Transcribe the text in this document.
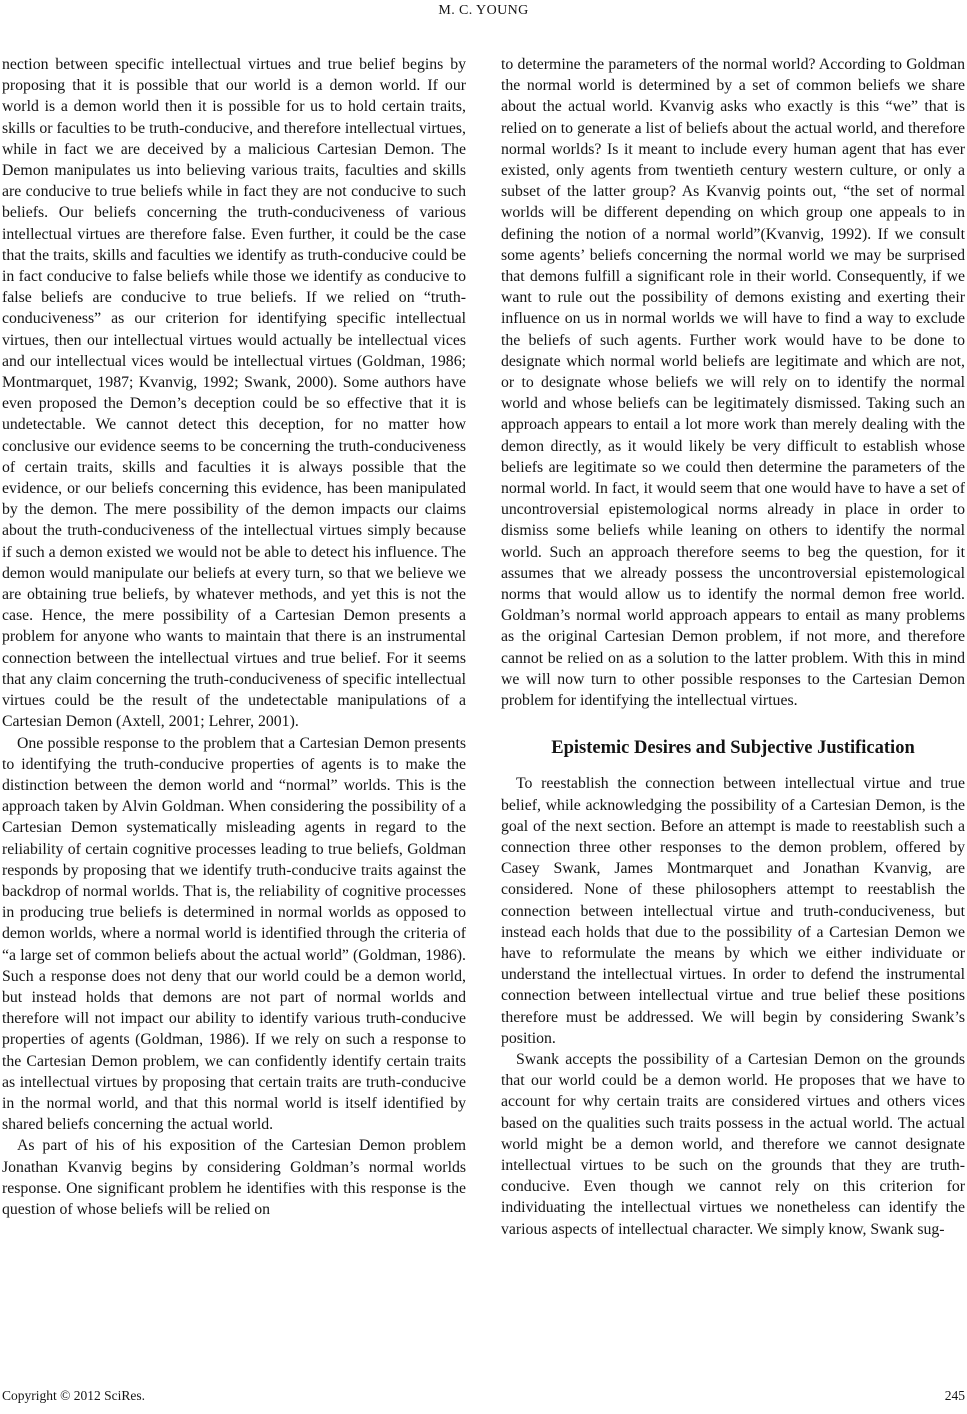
M. C. YOUNG

nection between specific intellectual virtues and true belief begins by proposing that it is possible that our world is a demon world. If our world is a demon world then it is possible for us to hold certain traits, skills or faculties to be truth-conducive, and therefore intellectual virtues, while in fact we are deceived by a malicious Cartesian Demon. The Demon manipulates us into believing various traits, faculties and skills are conducive to true beliefs while in fact they are not conducive to such beliefs. Our beliefs concerning the truth-conduciveness of various intellectual virtues are therefore false. Even further, it could be the case that the traits, skills and faculties we identify as truth-conducive could be in fact conducive to false beliefs while those we identify as conducive to false beliefs are conducive to true beliefs. If we relied on “truth-conduciveness” as our criterion for identifying specific intellectual virtues, then our intellectual virtues would actually be intellectual vices and our intellectual vices would be intellectual virtues (Goldman, 1986; Montmarquet, 1987; Kvanvig, 1992; Swank, 2000). Some authors have even proposed the Demon’s deception could be so effective that it is undetectable. We cannot detect this deception, for no matter how conclusive our evidence seems to be concerning the truth-conduciveness of certain traits, skills and faculties it is always possible that the evidence, or our beliefs concerning this evidence, has been manipulated by the demon. The mere possibility of the demon impacts our claims about the truth-conduciveness of the intellectual virtues simply because if such a demon existed we would not be able to detect his influence. The demon would manipulate our beliefs at every turn, so that we believe we are obtaining true beliefs, by whatever methods, and yet this is not the case. Hence, the mere possibility of a Cartesian Demon presents a problem for anyone who wants to maintain that there is an instrumental connection between the intellectual virtues and true belief. For it seems that any claim concerning the truth-conduciveness of specific intellectual virtues could be the result of the undetectable manipulations of a Cartesian Demon (Axtell, 2001; Lehrer, 2001).

One possible response to the problem that a Cartesian Demon presents to identifying the truth-conducive properties of agents is to make the distinction between the demon world and “normal” worlds. This is the approach taken by Alvin Goldman. When considering the possibility of a Cartesian Demon systematically misleading agents in regard to the reliability of certain cognitive processes leading to true beliefs, Goldman responds by proposing that we identify truth-conducive traits against the backdrop of normal worlds. That is, the reliability of cognitive processes in producing true beliefs is determined in normal worlds as opposed to demon worlds, where a normal world is identified through the criteria of “a large set of common beliefs about the actual world” (Goldman, 1986). Such a response does not deny that our world could be a demon world, but instead holds that demons are not part of normal worlds and therefore will not impact our ability to identify various truth-conducive properties of agents (Goldman, 1986). If we rely on such a response to the Cartesian Demon problem, we can confidently identify certain traits as intellectual virtues by proposing that certain traits are truth-conducive in the normal world, and that this normal world is itself identified by shared beliefs concerning the actual world.

As part of his of his exposition of the Cartesian Demon problem Jonathan Kvanvig begins by considering Goldman’s normal worlds response. One significant problem he identifies with this response is the question of whose beliefs will be relied on

to determine the parameters of the normal world? According to Goldman the normal world is determined by a set of common beliefs we share about the actual world. Kvanvig asks who exactly is this “we” that is relied on to generate a list of beliefs about the actual world, and therefore normal worlds? Is it meant to include every human agent that has ever existed, only agents from twentieth century western culture, or only a subset of the latter group? As Kvanvig points out, “the set of normal worlds will be different depending on which group one appeals to in defining the notion of a normal world”(Kvanvig, 1992). If we consult some agents’ beliefs concerning the normal world we may be surprised that demons fulfill a significant role in their world. Consequently, if we want to rule out the possibility of demons existing and exerting their influence on us in normal worlds we will have to find a way to exclude the beliefs of such agents. Further work would have to be done to designate which normal world beliefs are legitimate and which are not, or to designate whose beliefs we will rely on to identify the normal world and whose beliefs can be legitimately dismissed. Taking such an approach appears to entail a lot more work than merely dealing with the demon directly, as it would likely be very difficult to establish whose beliefs are legitimate so we could then determine the parameters of the normal world. In fact, it would seem that one would have to have a set of uncontroversial epistemological norms already in place in order to dismiss some beliefs while leaning on others to identify the normal world. Such an approach therefore seems to beg the question, for it assumes that we already possess the uncontroversial epistemological norms that would allow us to identify the normal demon free world. Goldman’s normal world approach appears to entail as many problems as the original Cartesian Demon problem, if not more, and therefore cannot be relied on as a solution to the latter problem. With this in mind we will now turn to other possible responses to the Cartesian Demon problem for identifying the intellectual virtues.

Epistemic Desires and Subjective Justification

To reestablish the connection between intellectual virtue and true belief, while acknowledging the possibility of a Cartesian Demon, is the goal of the next section. Before an attempt is made to reestablish such a connection three other responses to the demon problem, offered by Casey Swank, James Montmarquet and Jonathan Kvanvig, are considered. None of these philosophers attempt to reestablish the connection between intellectual virtue and truth-conduciveness, but instead each holds that due to the possibility of a Cartesian Demon we have to reformulate the means by which we either individuate or understand the intellectual virtues. In order to defend the instrumental connection between intellectual virtue and true belief these positions therefore must be addressed. We will begin by considering Swank’s position.

Swank accepts the possibility of a Cartesian Demon on the grounds that our world could be a demon world. He proposes that we have to account for why certain traits are considered virtues and others vices based on the qualities such traits possess in the actual world. The actual world might be a demon world, and therefore we cannot designate intellectual virtues to be such on the grounds that they are truth-conducive. Even though we cannot rely on this criterion for individuating the intellectual virtues we nonetheless can identify the various aspects of intellectual character. We simply know, Swank sug-

Copyright © 2012 SciRes.	245
